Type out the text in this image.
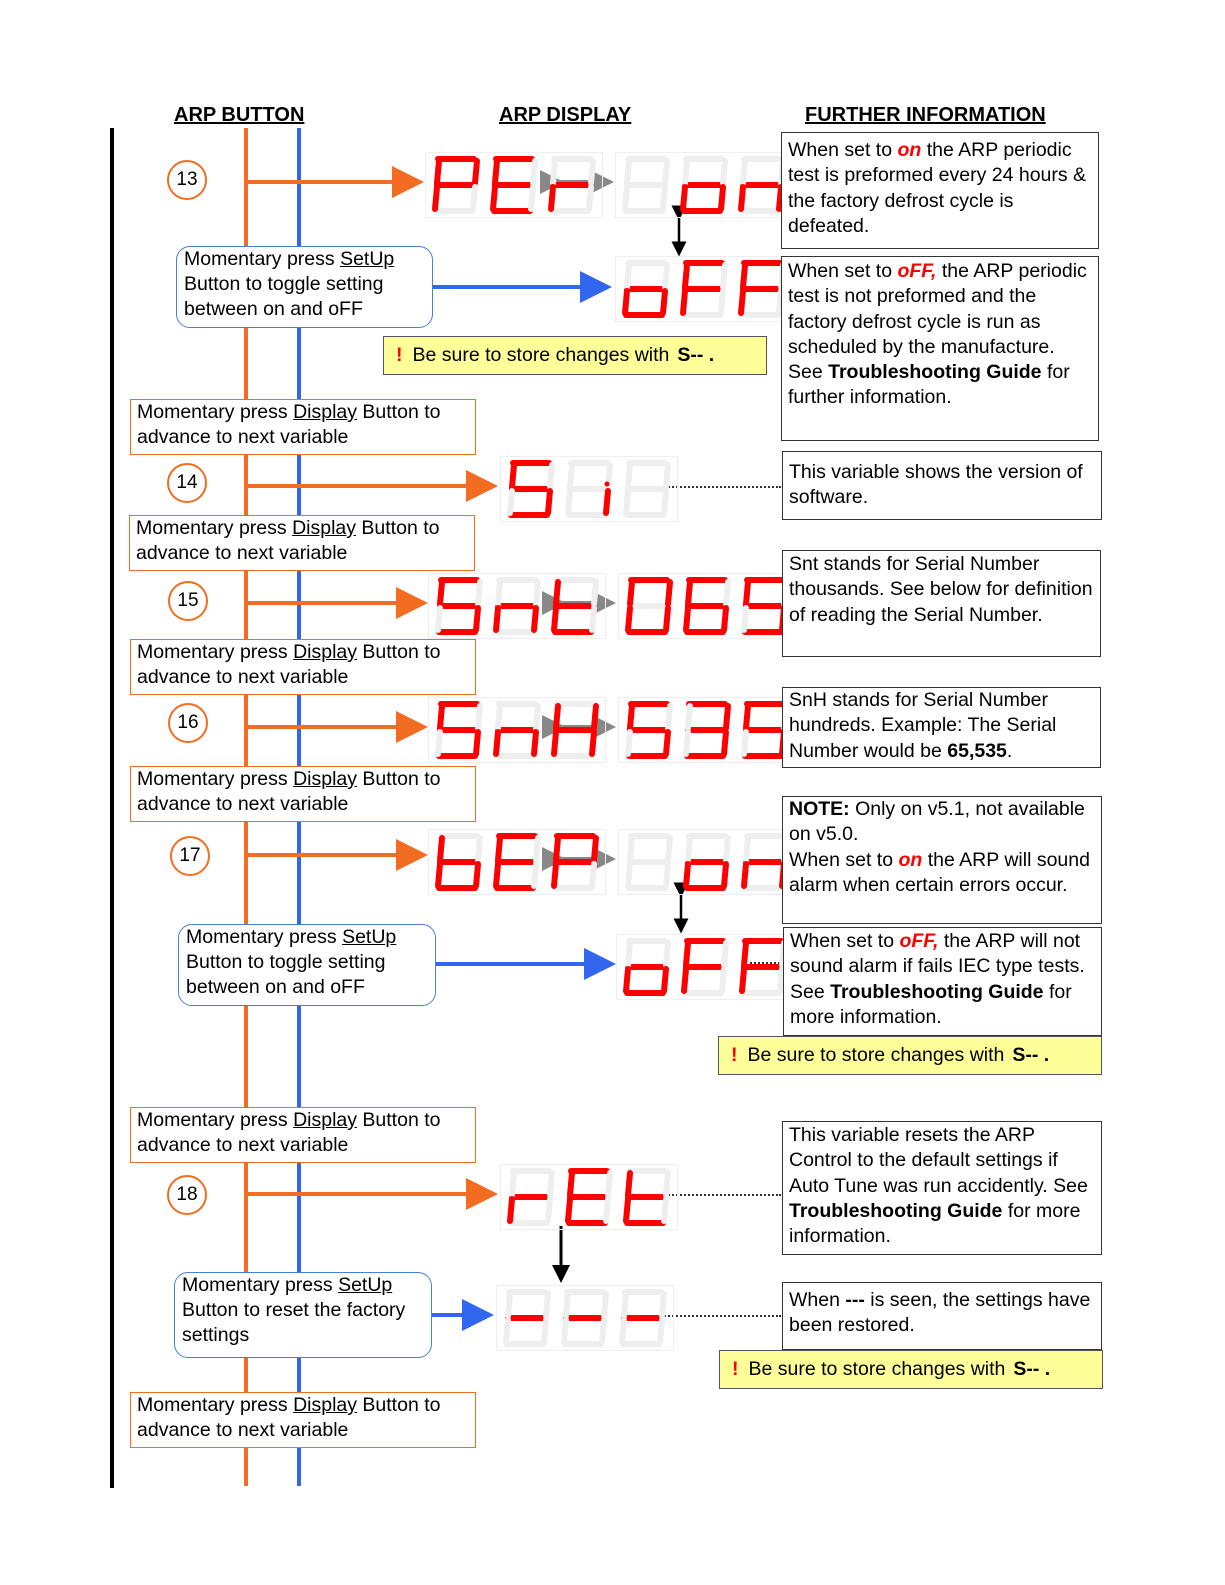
ARP BUTTON	ARP DISPLAY	FURTHER INFORMATION
13
14
15
16
17
18
Momentary press SetUp Button to toggle setting between on and oFF
Momentary press SetUp Button to toggle setting between on and oFF
Momentary press SetUp Button to reset the factory settings
Momentary press Display Button to advance to next variable
Momentary press Display Button to advance to next variable
Momentary press Display Button to advance to next variable
Momentary press Display Button to advance to next variable
Momentary press Display Button to advance to next variable
Momentary press Display Button to advance to next variable
When set to on the ARP periodic test is preformed every 24 hours & the factory defrost cycle is defeated.
When set to oFF, the ARP periodic test is not preformed and the factory defrost cycle is run as scheduled by the manufacture. See Troubleshooting Guide for further information.
This variable shows the version of software.
Snt stands for Serial Number thousands. See below for definition of reading the Serial Number.
SnH stands for Serial Number hundreds. Example: The Serial Number would be 65,535.
NOTE: Only on v5.1, not available on v5.0.
When set to on the ARP will sound alarm when certain errors occur.
When set to oFF, the ARP will not sound alarm if fails IEC type tests. See Troubleshooting Guide for more information.
This variable resets the ARP Control to the default settings if Auto Tune was run accidently. See Troubleshooting Guide for more information.
When --- is seen, the settings have been restored.
! Be sure to store changes with S-- .
! Be sure to store changes with S-- .
! Be sure to store changes with S-- .
